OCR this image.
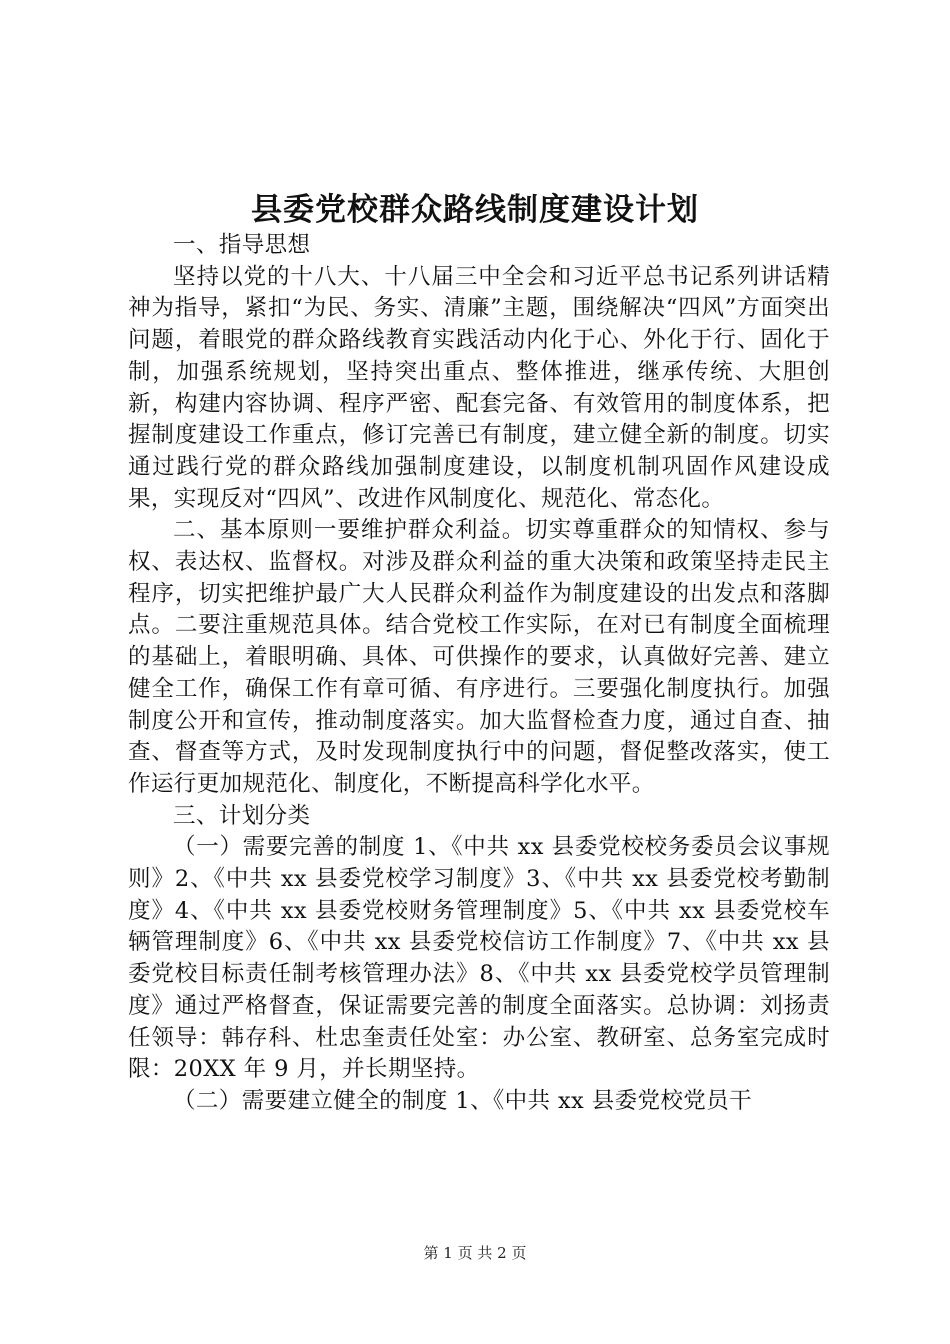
县委党校群众路线制度建设计划

一、指导思想

坚持以党的十八大、十八届三中全会和习近平总书记系列讲话精神为指导，紧扣“为民、务实、清廉”主题，围绕解决“四风”方面突出问题，着眼党的群众路线教育实践活动内化于心、外化于行、固化于制，加强系统规划，坚持突出重点、整体推进，继承传统、大胆创新，构建内容协调、程序严密、配套完备、有效管用的制度体系，把握制度建设工作重点，修订完善已有制度，建立健全新的制度。切实通过践行党的群众路线加强制度建设，以制度机制巩固作风建设成果，实现反对“四风”、改进作风制度化、规范化、常态化。

二、基本原则一要维护群众利益。切实尊重群众的知情权、参与权、表达权、监督权。对涉及群众利益的重大决策和政策坚持走民主程序，切实把维护最广大人民群众利益作为制度建设的出发点和落脚点。二要注重规范具体。结合党校工作实际，在对已有制度全面梳理的基础上，着眼明确、具体、可供操作的要求，认真做好完善、建立健全工作，确保工作有章可循、有序进行。三要强化制度执行。加强制度公开和宣传，推动制度落实。加大监督检查力度，通过自查、抽查、督查等方式，及时发现制度执行中的问题，督促整改落实，使工作运行更加规范化、制度化，不断提高科学化水平。

三、计划分类

（一）需要完善的制度 1、《中共 xx 县委党校校务委员会议事规则》2、《中共 xx 县委党校学习制度》3、《中共 xx 县委党校考勤制度》4、《中共 xx 县委党校财务管理制度》5、《中共 xx 县委党校车辆管理制度》6、《中共 xx 县委党校信访工作制度》7、《中共 xx 县委党校目标责任制考核管理办法》8、《中共 xx 县委党校学员管理制度》通过严格督查，保证需要完善的制度全面落实。总协调：刘扬责任领导：韩存科、杜忠奎责任处室：办公室、教研室、总务室完成时限：20XX 年 9 月，并长期坚持。

（二）需要建立健全的制度 1、《中共 xx 县委党校党员干

第 1 页 共 2 页
